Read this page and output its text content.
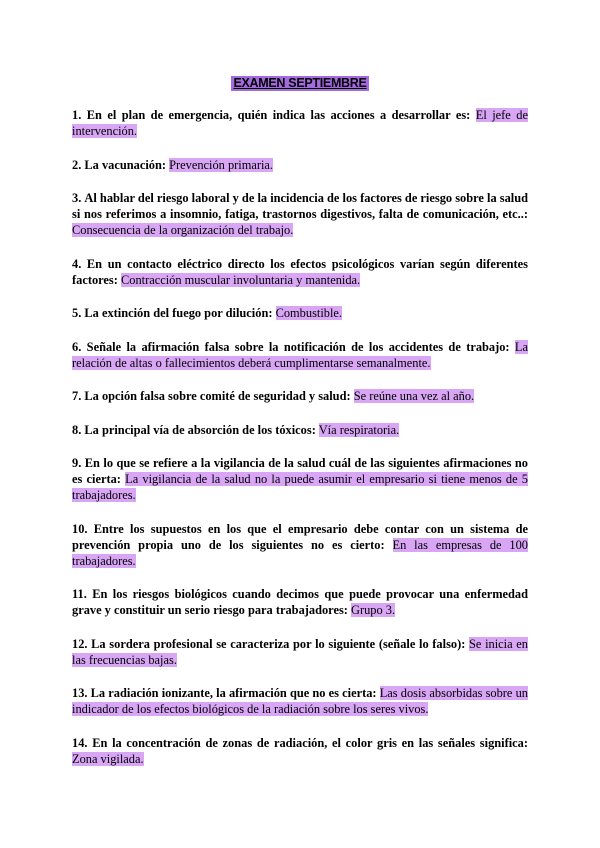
EXAMEN SEPTIEMBRE

1. En el plan de emergencia, quién indica las acciones a desarrollar es: El jefe de intervención.

2. La vacunación: Prevención primaria.

3. Al hablar del riesgo laboral y de la incidencia de los factores de riesgo sobre la salud si nos referimos a insomnio, fatiga, trastornos digestivos, falta de comunicación, etc..: Consecuencia de la organización del trabajo.

4. En un contacto eléctrico directo los efectos psicológicos varían según diferentes factores: Contracción muscular involuntaria y mantenida.

5. La extinción del fuego por dilución: Combustible.

6. Señale la afirmación falsa sobre la notificación de los accidentes de trabajo: La relación de altas o fallecimientos deberá cumplimentarse semanalmente.

7. La opción falsa sobre comité de seguridad y salud: Se reúne una vez al año.

8. La principal vía de absorción de los tóxicos: Vía respiratoria.

9. En lo que se refiere a la vigilancia de la salud cuál de las siguientes afirmaciones no es cierta: La vigilancia de la salud no la puede asumir el empresario si tiene menos de 5 trabajadores.

10. Entre los supuestos en los que el empresario debe contar con un sistema de prevención propia uno de los siguientes no es cierto: En las empresas de 100 trabajadores.

11. En los riesgos biológicos cuando decimos que puede provocar una enfermedad grave y constituir un serio riesgo para trabajadores: Grupo 3.

12. La sordera profesional se caracteriza por lo siguiente (señale lo falso): Se inicia en las frecuencias bajas.

13. La radiación ionizante, la afirmación que no es cierta: Las dosis absorbidas sobre un indicador de los efectos biológicos de la radiación sobre los seres vivos.

14. En la concentración de zonas de radiación, el color gris en las señales significa: Zona vigilada.
